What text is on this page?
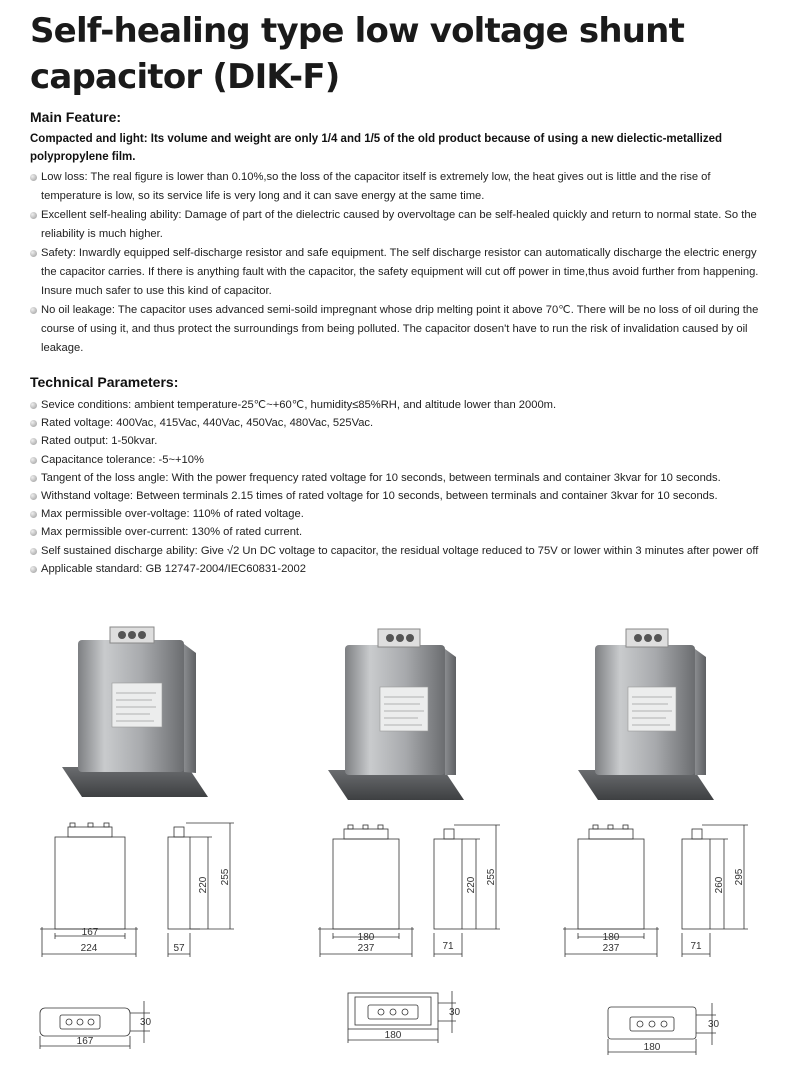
Self-healing type low voltage shunt capacitor (DIK-F)
Main Feature:
Compacted and light: Its volume and weight are only 1/4 and 1/5 of the old product because of using a new dielectic-metallized polypropylene film.
Low loss: The real figure is lower than 0.10%,so the loss of the capacitor itself is extremely low, the heat gives out is little and the rise of temperature is low, so its service life is very long and it can save energy at the same time.
Excellent self-healing ability: Damage of part of the dielectric caused by overvoltage can be self-healed quickly and return to normal state. So the reliability is much higher.
Safety: Inwardly equipped self-discharge resistor and safe equipment. The self discharge resistor can automatically discharge the electric energy the capacitor carries. If there is anything fault with the capacitor, the safety equipment will cut off power in time,thus avoid further from happening. Insure much safer to use this kind of capacitor.
No oil leakage: The capacitor uses advanced semi-soild impregnant whose drip melting point it above 70℃. There will be no loss of oil during the course of using it, and thus protect the surroundings from being polluted. The capacitor dosen't have to run the risk of invalidation caused by oil leakage.
Technical Parameters:
Sevice conditions: ambient temperature-25℃~+60℃, humidity≤85%RH, and altitude lower than 2000m.
Rated voltage: 400Vac, 415Vac, 440Vac, 450Vac, 480Vac, 525Vac.
Rated output: 1-50kvar.
Capacitance tolerance: -5~+10%
Tangent of the loss angle: With the power frequency rated voltage for 10 seconds, between terminals and container 3kvar for 10 seconds.
Withstand voltage: Between terminals 2.15 times of rated voltage for 10 seconds, between terminals and container 3kvar for 10 seconds.
Max permissible over-voltage: 110% of rated voltage.
Max permissible over-current: 130% of rated current.
Self sustained discharge ability: Give √2 Un DC voltage to capacitor, the residual voltage reduced to 75V or lower within 3 minutes after power off
Applicable standard: GB 12747-2004/IEC60831-2002
167
224
220 255
57
167
30
180
237
220 255
71
180
30
180
237
260 295
71
180
30
